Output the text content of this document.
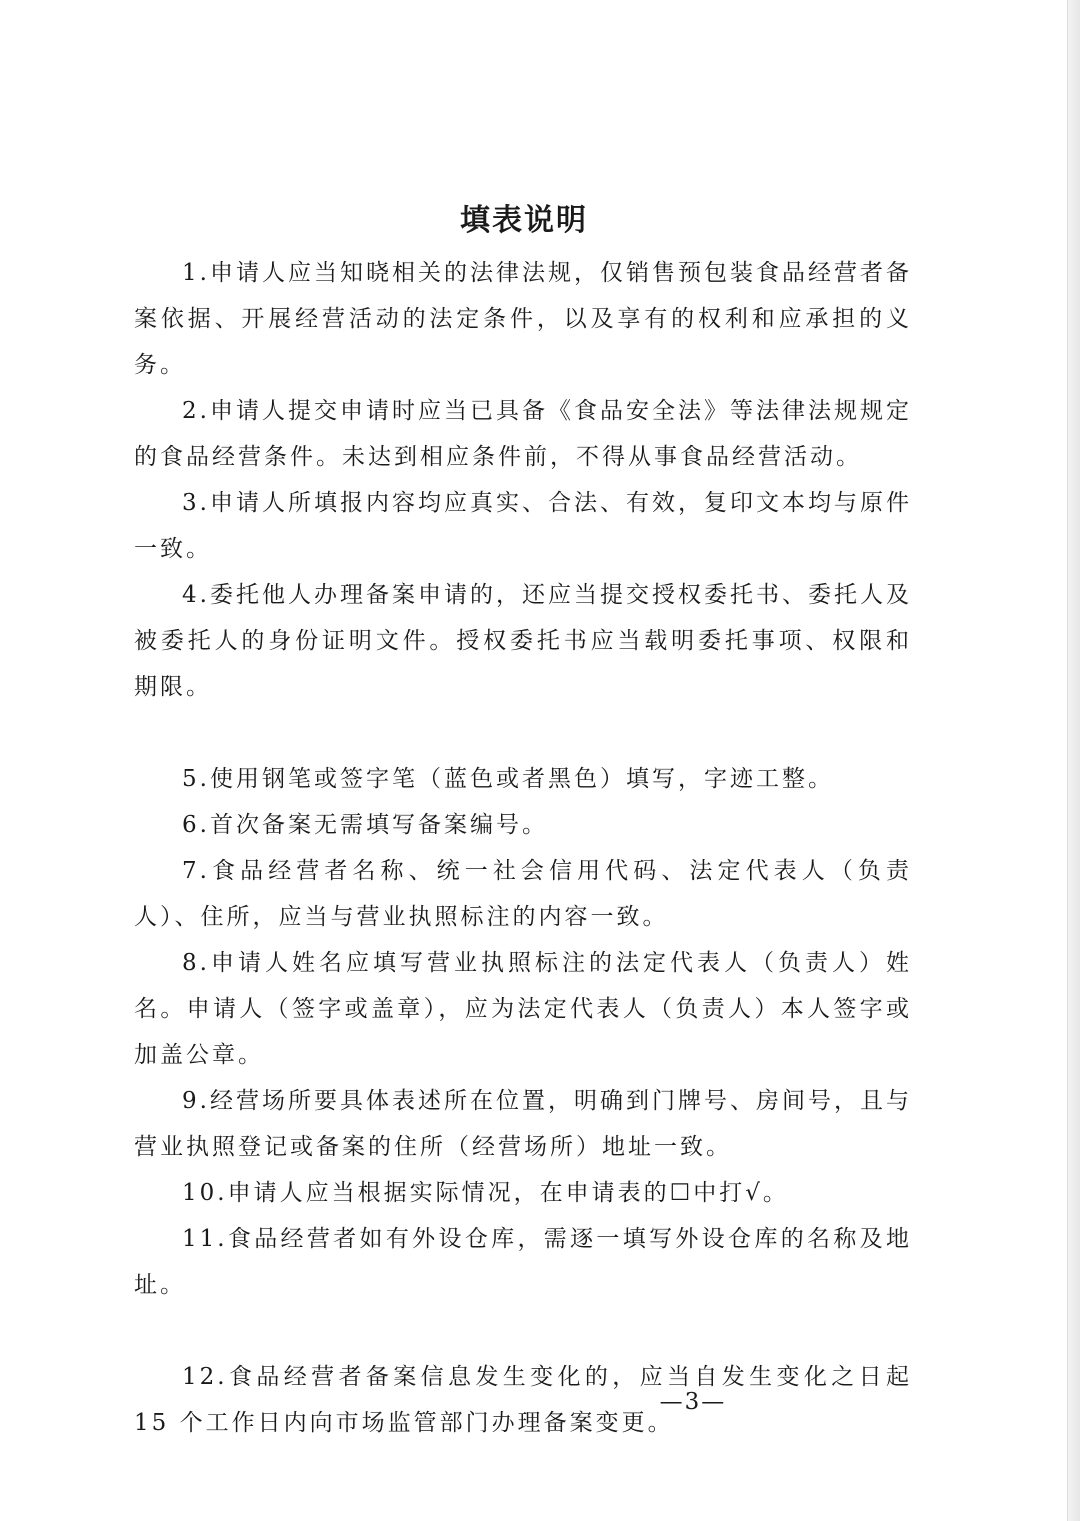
填表说明

1.申请人应当知晓相关的法律法规，仅销售预包装食品经营者备案依据、开展经营活动的法定条件，以及享有的权利和应承担的义务。

2.申请人提交申请时应当已具备《食品安全法》等法律法规规定的食品经营条件。未达到相应条件前，不得从事食品经营活动。

3.申请人所填报内容均应真实、合法、有效，复印文本均与原件一致。

4.委托他人办理备案申请的，还应当提交授权委托书、委托人及被委托人的身份证明文件。授权委托书应当载明委托事项、权限和期限。

5.使用钢笔或签字笔（蓝色或者黑色）填写，字迹工整。

6.首次备案无需填写备案编号。

7.食品经营者名称、统一社会信用代码、法定代表人（负责人）、住所，应当与营业执照标注的内容一致。

8.申请人姓名应填写营业执照标注的法定代表人（负责人）姓名。申请人（签字或盖章），应为法定代表人（负责人）本人签字或加盖公章。

9.经营场所要具体表述所在位置，明确到门牌号、房间号，且与营业执照登记或备案的住所（经营场所）地址一致。

10.申请人应当根据实际情况，在申请表的☐中打√。

11.食品经营者如有外设仓库，需逐一填写外设仓库的名称及地址。

12.食品经营者备案信息发生变化的，应当自发生变化之日起 15 个工作日内向市场监管部门办理备案变更。

—3—
